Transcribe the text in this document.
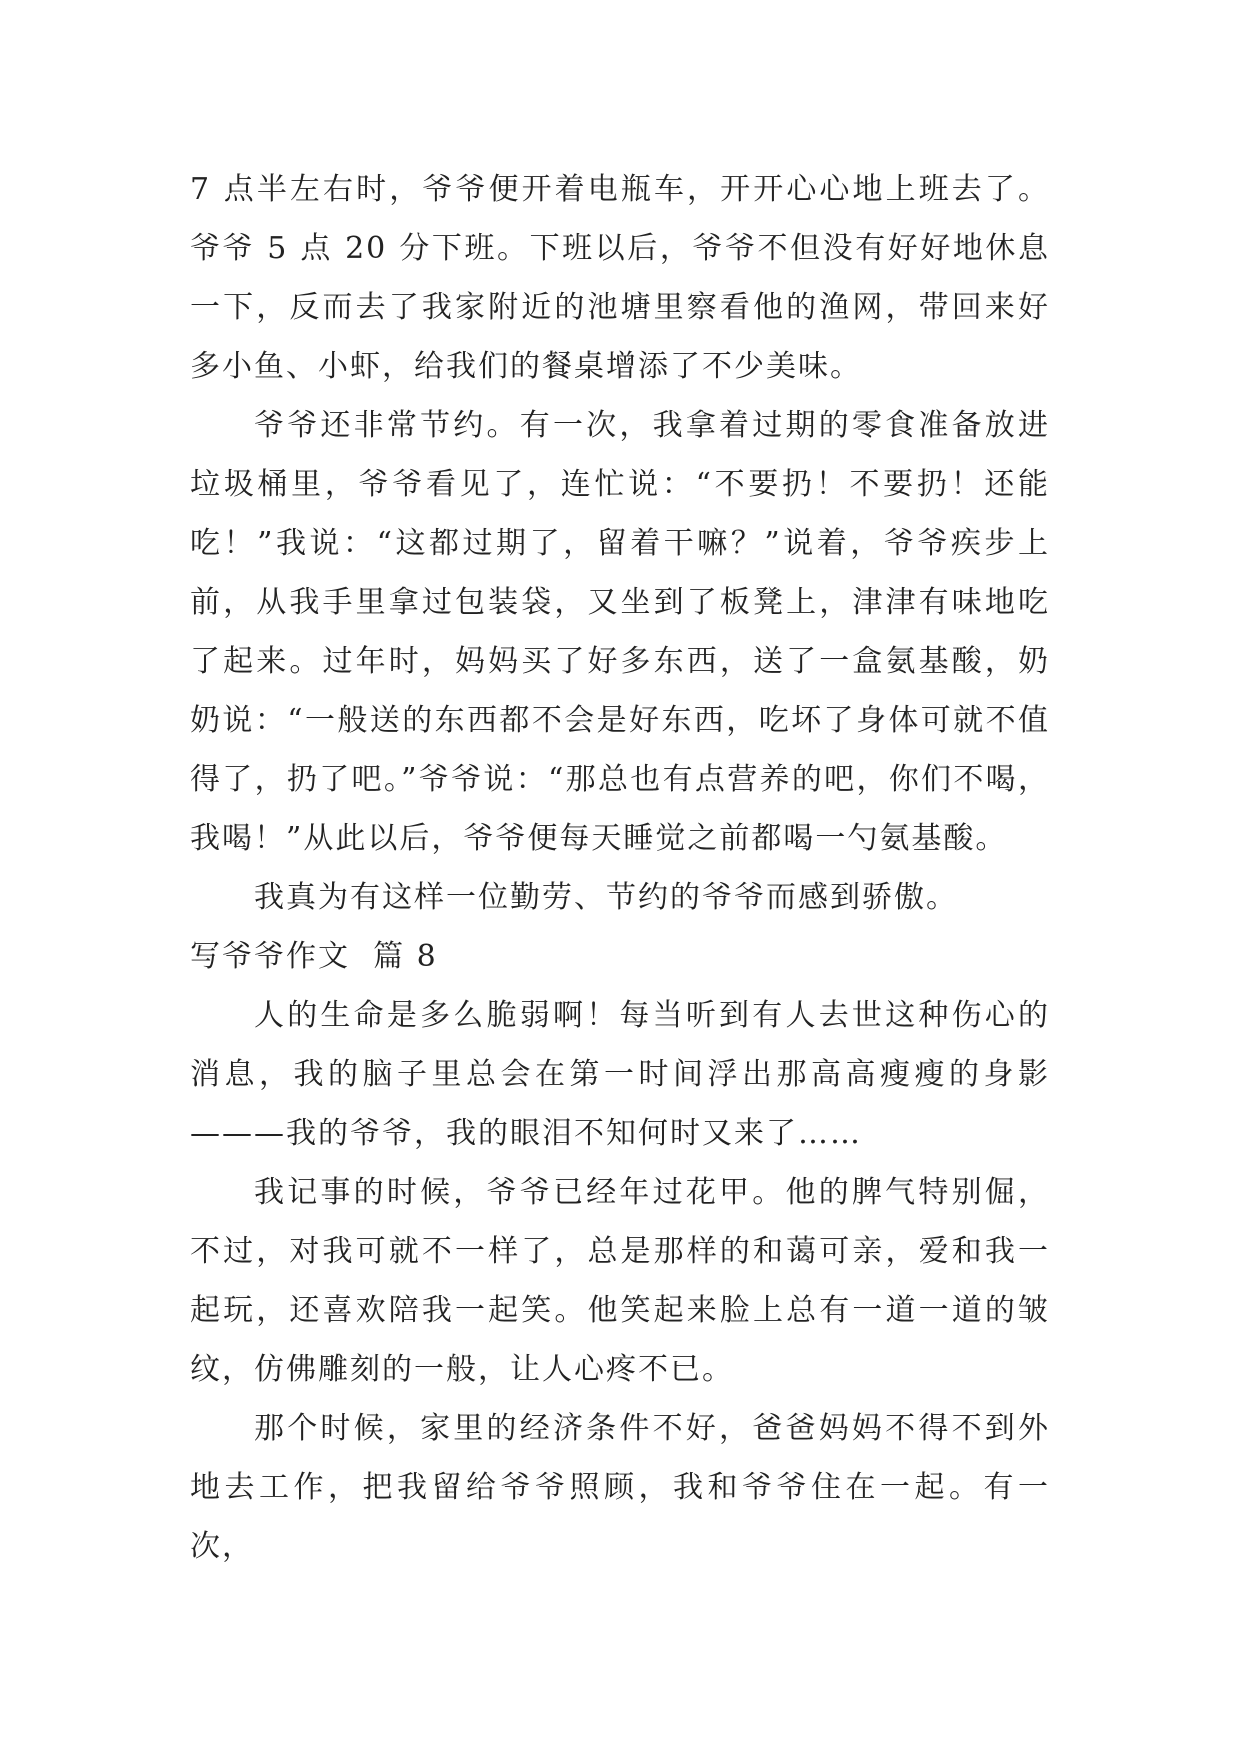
7 点半左右时，爷爷便开着电瓶车，开开心心地上班去了。爷爷 5 点 20 分下班。下班以后，爷爷不但没有好好地休息一下，反而去了我家附近的池塘里察看他的渔网，带回来好多小鱼、小虾，给我们的餐桌增添了不少美味。

爷爷还非常节约。有一次，我拿着过期的零食准备放进垃圾桶里，爷爷看见了，连忙说：“不要扔！不要扔！还能吃！”我说：“这都过期了，留着干嘛？”说着，爷爷疾步上前，从我手里拿过包装袋，又坐到了板凳上，津津有味地吃了起来。过年时，妈妈买了好多东西，送了一盒氨基酸，奶奶说：“一般送的东西都不会是好东西，吃坏了身体可就不值得了，扔了吧。”爷爷说：“那总也有点营养的吧，你们不喝，我喝！”从此以后，爷爷便每天睡觉之前都喝一勺氨基酸。

我真为有这样一位勤劳、节约的爷爷而感到骄傲。

写爷爷作文  篇 8

人的生命是多么脆弱啊！每当听到有人去世这种伤心的消息，我的脑子里总会在第一时间浮出那高高瘦瘦的身影———我的爷爷，我的眼泪不知何时又来了……

我记事的时候，爷爷已经年过花甲。他的脾气特别倔，不过，对我可就不一样了，总是那样的和蔼可亲，爱和我一起玩，还喜欢陪我一起笑。他笑起来脸上总有一道一道的皱纹，仿佛雕刻的一般，让人心疼不已。

那个时候，家里的经济条件不好，爸爸妈妈不得不到外地去工作，把我留给爷爷照顾，我和爷爷住在一起。有一次，
